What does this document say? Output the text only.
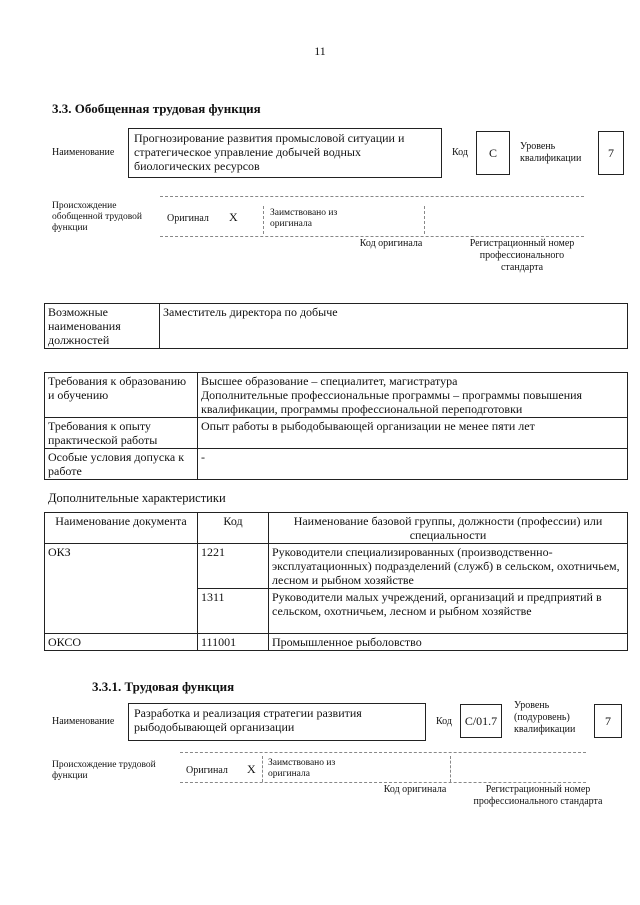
11
3.3. Обобщенная трудовая функция
Наименование
Прогнозирование развития промысловой ситуации и стратегическое управление добычей водных биологических ресурсов
Код	C	Уровень квалификации	7
Происхождение обобщенной трудовой функции
Оригинал X	Заимствовано из оригинала
Код оригинала	Регистрационный номер профессионального стандарта
Возможные наименования должностей	Заместитель директора по добыче
Требования к образованию и обучению	Высшее образование – специалитет, магистратура
Дополнительные профессиональные программы – программы повышения квалификации, программы профессиональной переподготовки
Требования к опыту практической работы	Опыт работы в рыбодобывающей организации не менее пяти лет
Особые условия допуска к работе	-
Дополнительные характеристики
Наименование документа	Код	Наименование базовой группы, должности (профессии) или специальности
ОКЗ	1221	Руководители специализированных (производственно-эксплуатационных) подразделений (служб) в сельском, охотничьем, лесном и рыбном хозяйстве
	1311	Руководители малых учреждений, организаций и предприятий в сельском, охотничьем, лесном и рыбном хозяйстве
ОКСО	111001	Промышленное рыболовство
3.3.1. Трудовая функция
Наименование
Разработка и реализация стратегии развития рыбодобывающей организации	Код	C/01.7
Уровень (подуровень) квалификации
7
Происхождение трудовой функции	Оригинал X Заимствовано из оригинала
Код оригинала	Регистрационный номер профессионального стандарта
